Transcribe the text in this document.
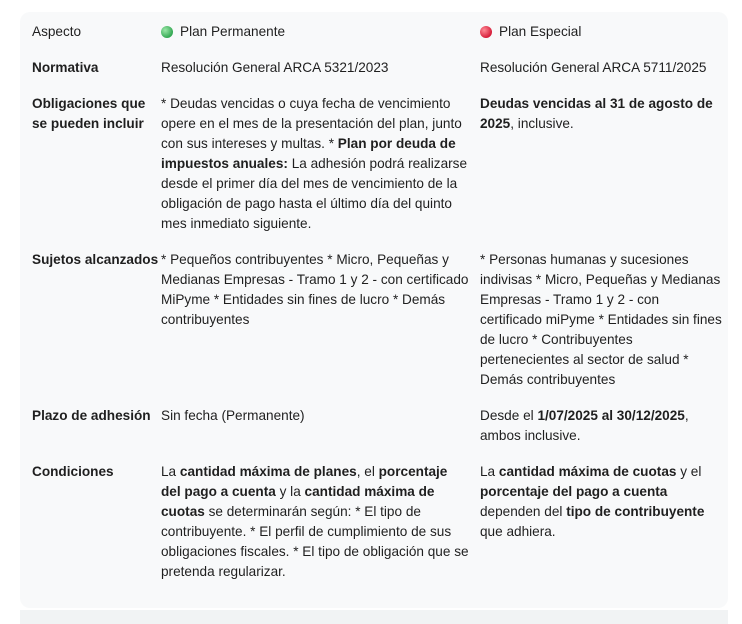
Aspecto	Plan Permanente	Plan Especial

Normativa	Resolución General ARCA 5321/2023	Resolución General ARCA 5711/2025
Obligaciones que se pueden incluir	* Deudas vencidas o cuya fecha de vencimiento opere en el mes de la presentación del plan, junto con sus intereses y multas. * Plan por deuda de impuestos anuales: La adhesión podrá realizarse desde el primer día del mes de vencimiento de la obligación de pago hasta el último día del quinto mes inmediato siguiente.	Deudas vencidas al 31 de agosto de 2025, inclusive.
Sujetos alcanzados	* Pequeños contribuyentes * Micro, Pequeñas y Medianas Empresas - Tramo 1 y 2 - con certificado MiPyme * Entidades sin fines de lucro * Demás contribuyentes	* Personas humanas y sucesiones indivisas * Micro, Pequeñas y Medianas Empresas - Tramo 1 y 2 - con certificado miPyme * Entidades sin fines de lucro * Contribuyentes pertenecientes al sector de salud * Demás contribuyentes
Plazo de adhesión	Sin fecha (Permanente)	Desde el 1/07/2025 al 30/12/2025, ambos inclusive.
Condiciones	La cantidad máxima de planes, el porcentaje del pago a cuenta y la cantidad máxima de cuotas se determinarán según: * El tipo de contribuyente. * El perfil de cumplimiento de sus obligaciones fiscales. * El tipo de obligación que se pretenda regularizar.	La cantidad máxima de cuotas y el porcentaje del pago a cuenta dependen del tipo de contribuyente que adhiera.
